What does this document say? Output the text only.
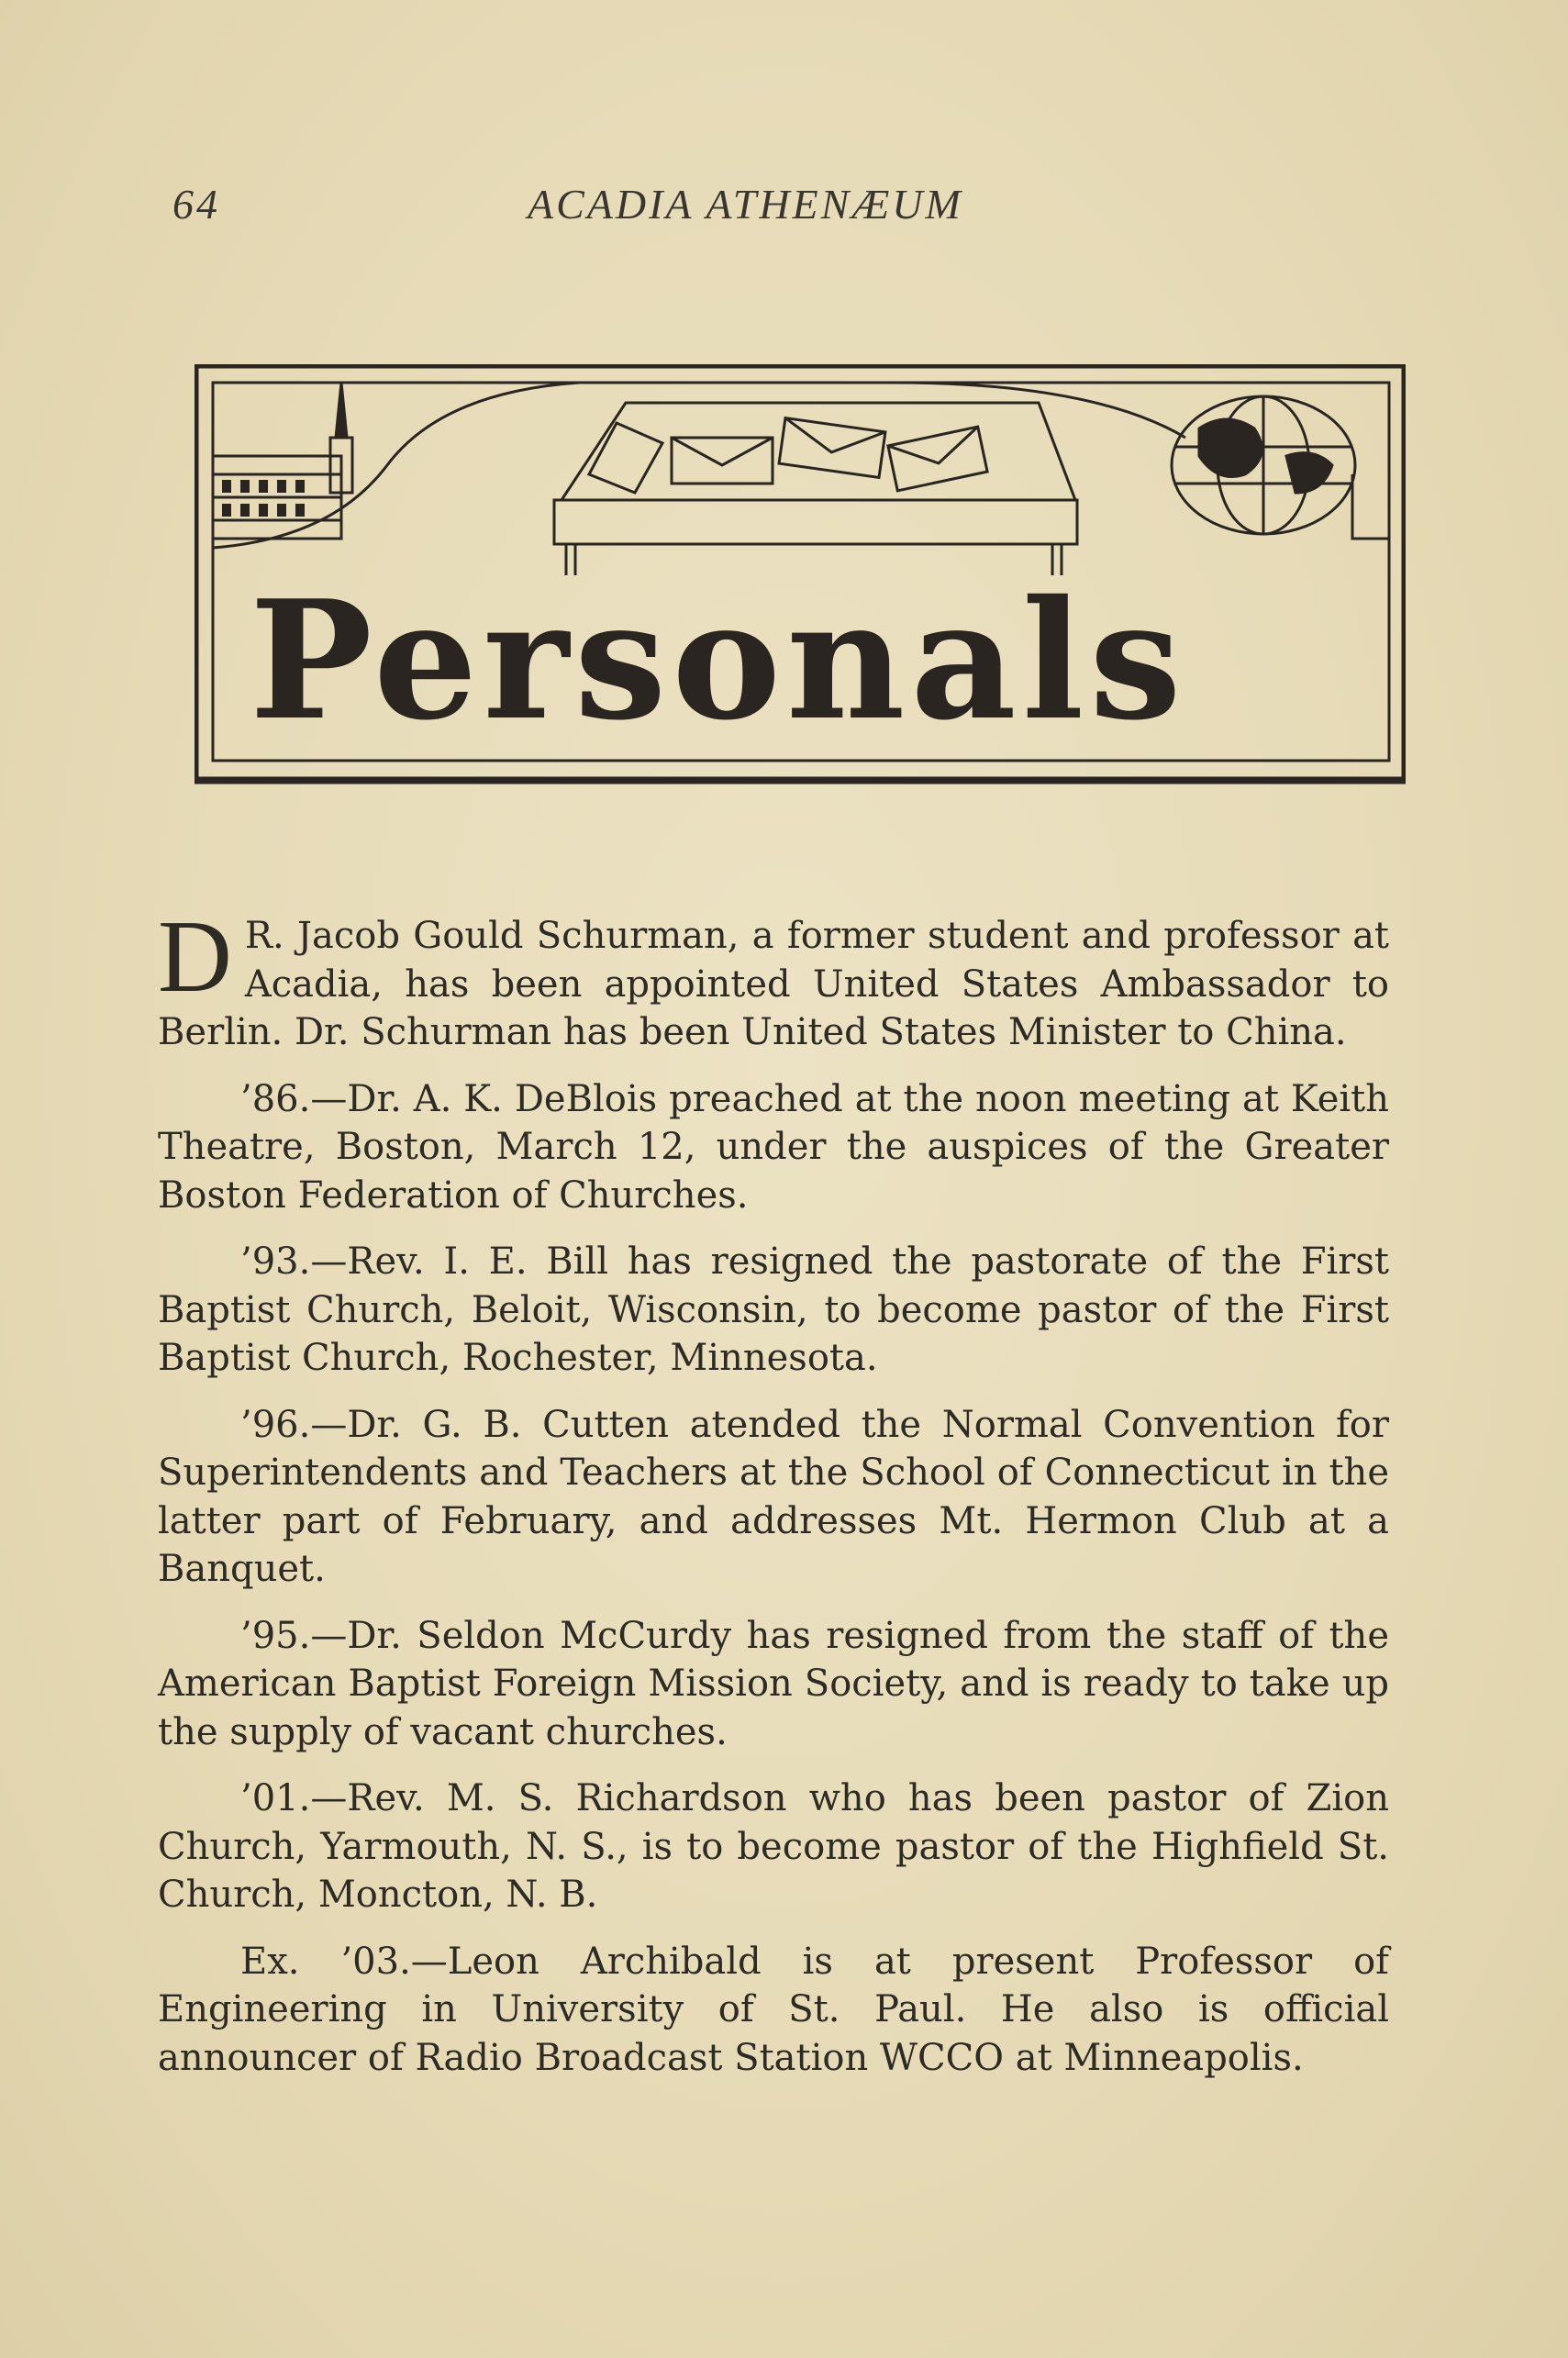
64	ACADIA ATHENÆUM
Personals

D R. Jacob Gould Schurman, a former student and professor at Acadia, has been appointed United States Ambassador to Berlin. Dr. Schurman has been United States Minister to China.

’86.—Dr. A. K. DeBlois preached at the noon meeting at Keith Theatre, Boston, March 12, under the auspices of the Greater Boston Federation of Churches.

’93.—Rev. I. E. Bill has resigned the pastorate of the First Baptist Church, Beloit, Wisconsin, to become pastor of the First Baptist Church, Rochester, Minnesota.

’96.—Dr. G. B. Cutten atended the Normal Convention for Superintendents and Teachers at the School of Connecticut in the latter part of February, and addresses Mt. Hermon Club at a Banquet.

’95.—Dr. Seldon McCurdy has resigned from the staff of the American Baptist Foreign Mission Society, and is ready to take up the supply of vacant churches.

’01.—Rev. M. S. Richardson who has been pastor of Zion Church, Yarmouth, N. S., is to become pastor of the Highfield St. Church, Moncton, N. B.

Ex. ’03.—Leon Archibald is at present Professor of Engineering in University of St. Paul. He also is official announcer of Radio Broadcast Station WCCO at Minneapolis.
